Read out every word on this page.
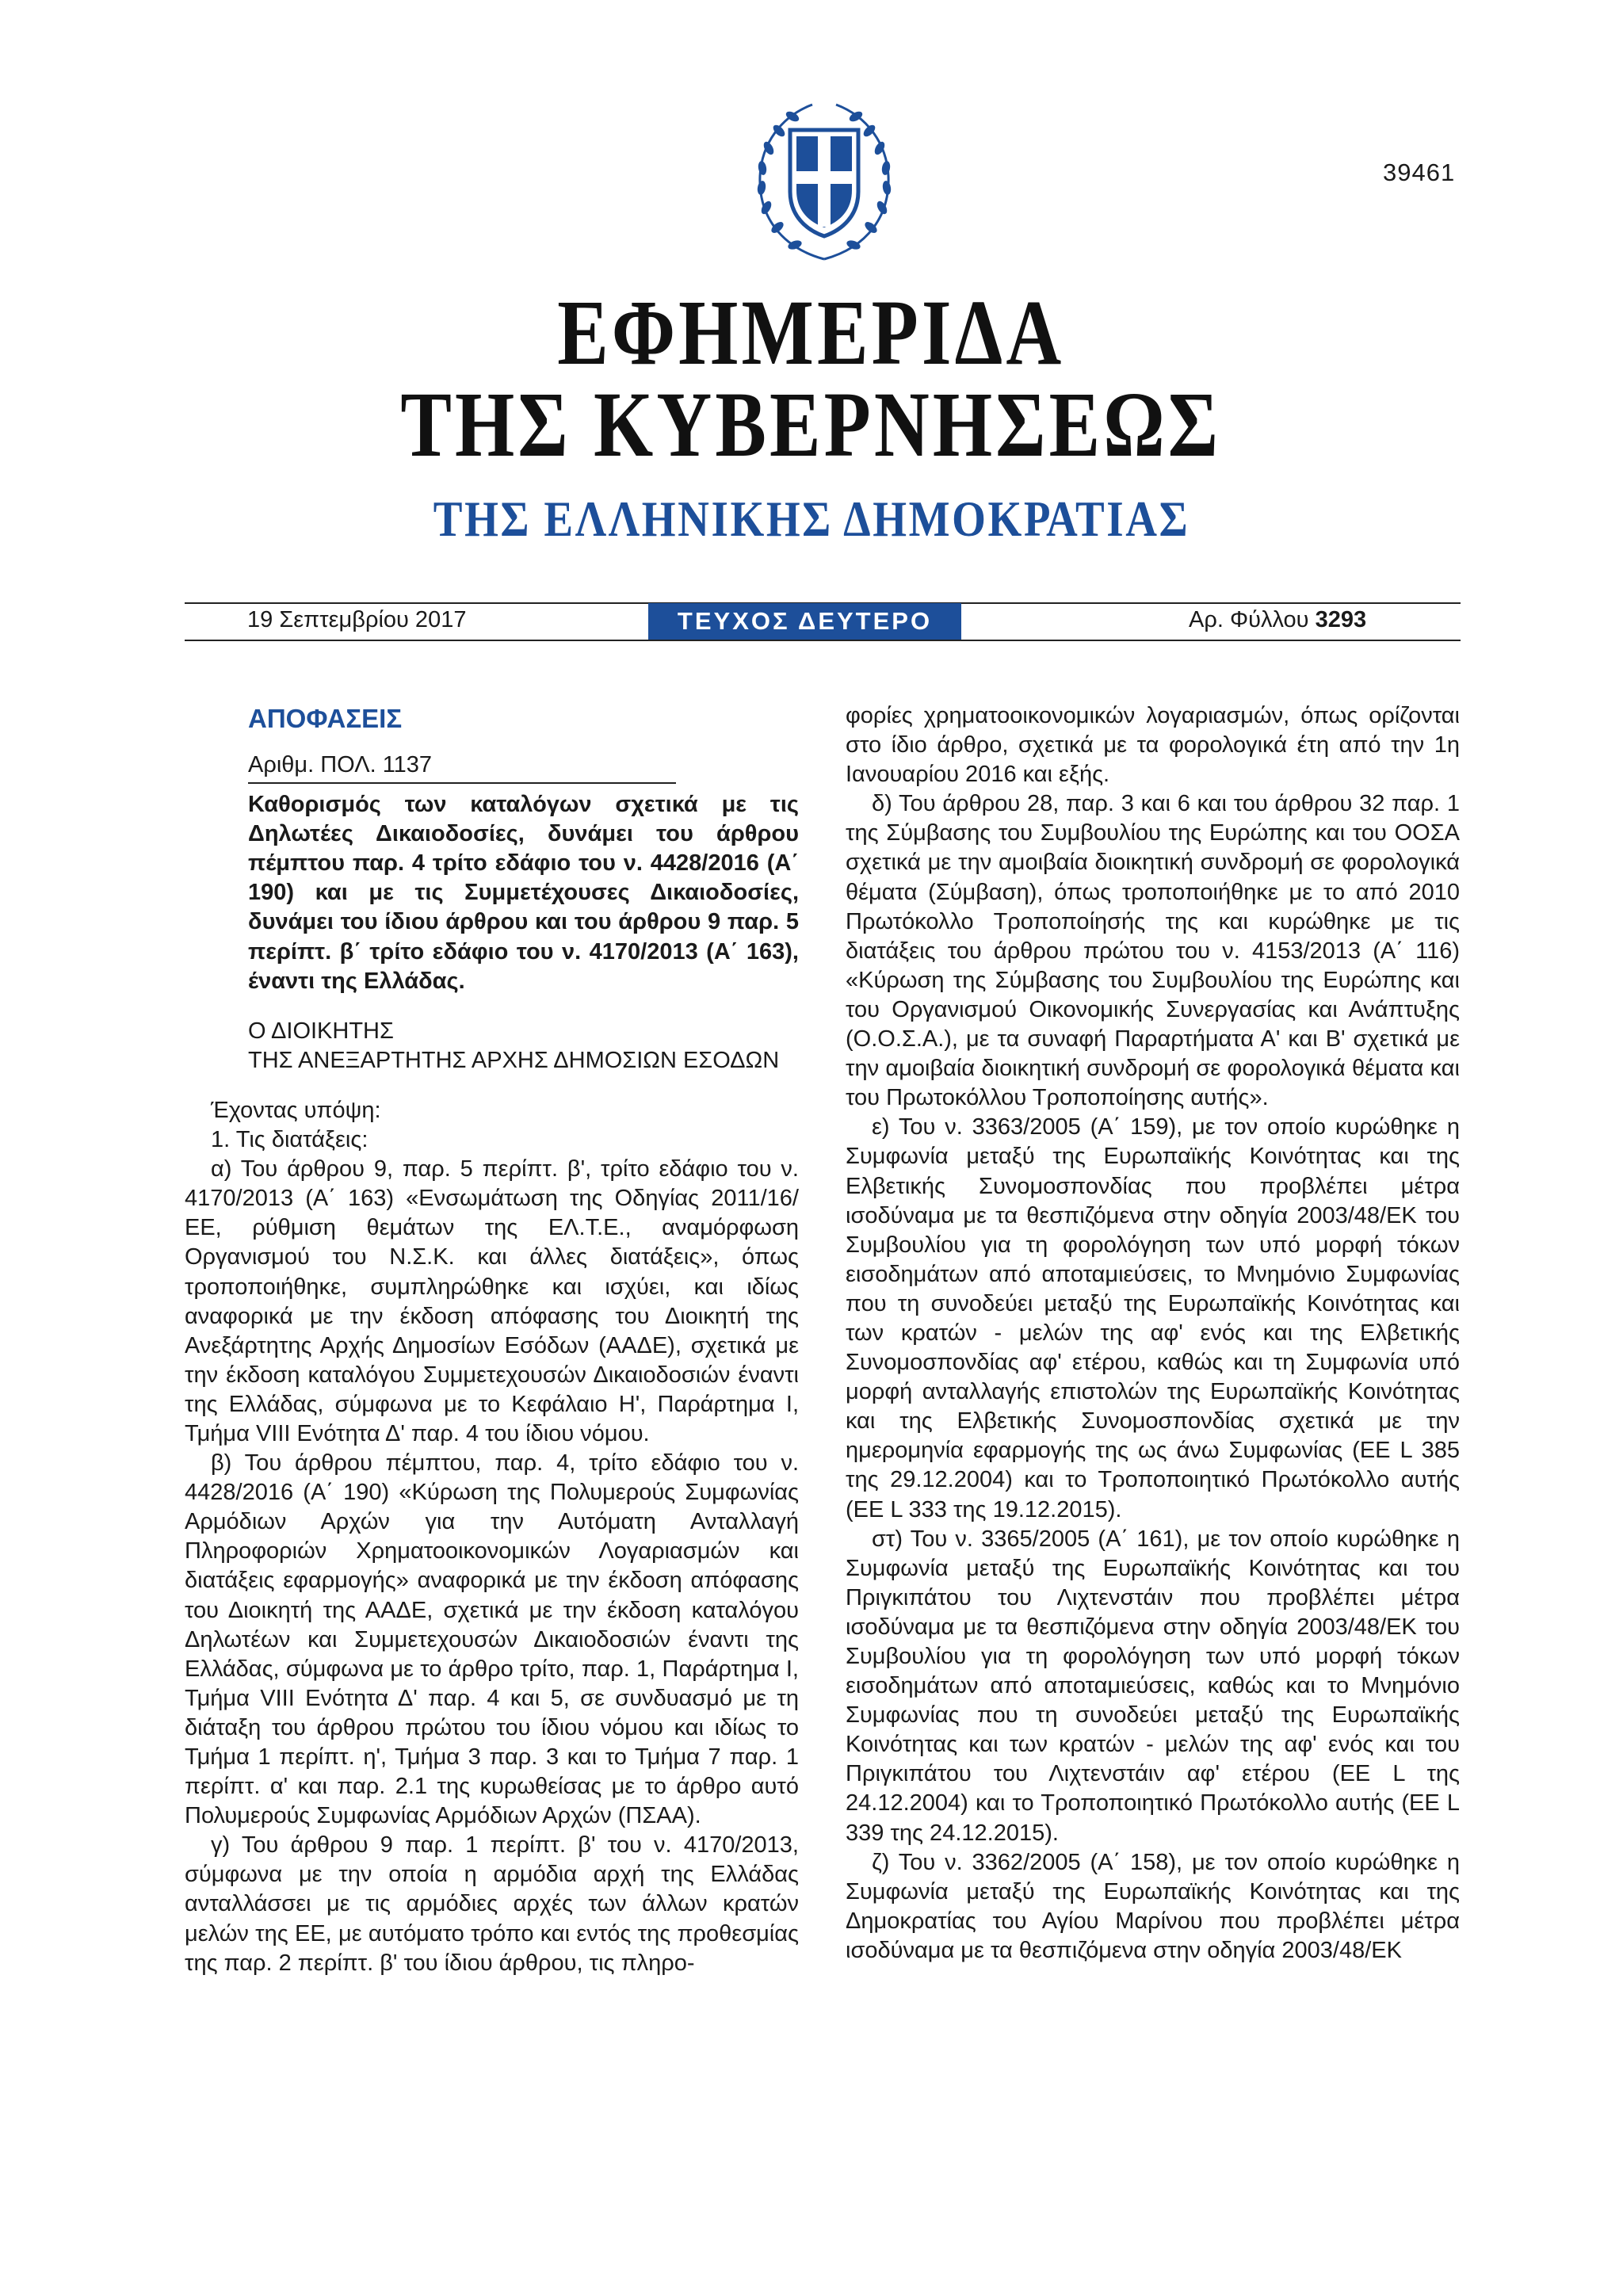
39461
ΕΦΗΜΕΡΙΔΑ
ΤΗΣ ΚΥΒΕΡΝΗΣΕΩΣ
ΤΗΣ ΕΛΛΗΝΙΚΗΣ ΔΗΜΟΚΡΑΤΙΑΣ
19 Σεπτεμβρίου 2017	ΤΕΥΧΟΣ ΔΕΥΤΕΡΟ	Αρ. Φύλλου 3293

ΑΠΟΦΑΣΕΙΣ

Αριθμ. ΠΟΛ. 1137

Καθορισμός των καταλόγων σχετικά με τις Δηλωτέες Δικαιοδοσίες, δυνάμει του άρθρου πέμπτου παρ. 4 τρίτο εδάφιο του ν. 4428/2016 (Α΄ 190) και με τις Συμμετέχουσες Δικαιοδοσίες, δυνάμει του ίδιου άρθρου και του άρθρου 9 παρ. 5 περίπτ. β΄ τρίτο εδάφιο του ν. 4170/2013 (Α΄ 163), έναντι της Ελλάδας.

Ο ΔΙΟΙΚΗΤΗΣ

ΤΗΣ ΑΝΕΞΑΡΤΗΤΗΣ ΑΡΧΗΣ ΔΗΜΟΣΙΩΝ ΕΣΟΔΩΝ

Έχοντας υπόψη:

1. Τις διατάξεις:

α) Του άρθρου 9, παρ. 5 περίπτ. β', τρίτο εδάφιο του ν. 4170/2013 (Α΄ 163) «Ενσωμάτωση της Οδηγίας 2011/16/ΕΕ, ρύθμιση θεμάτων της ΕΛ.Τ.Ε., αναμόρφωση Οργανισμού του Ν.Σ.Κ. και άλλες διατάξεις», όπως τροποποιήθηκε, συμπληρώθηκε και ισχύει, και ιδίως αναφορικά με την έκδοση απόφασης του Διοικητή της Ανεξάρτητης Αρχής Δημοσίων Εσόδων (ΑΑΔΕ), σχετικά με την έκδοση καταλόγου Συμμετεχουσών Δικαιοδοσιών έναντι της Ελλάδας, σύμφωνα με το Κεφάλαιο Η', Παράρτημα Ι, Τμήμα VIII Ενότητα Δ' παρ. 4 του ίδιου νόμου.

β) Του άρθρου πέμπτου, παρ. 4, τρίτο εδάφιο του ν. 4428/2016 (Α΄ 190) «Κύρωση της Πολυμερούς Συμφωνίας Αρμόδιων Αρχών για την Αυτόματη Ανταλλαγή Πληροφοριών Χρηματοοικονομικών Λογαριασμών και διατάξεις εφαρμογής» αναφορικά με την έκδοση απόφασης του Διοικητή της ΑΑΔΕ, σχετικά με την έκδοση καταλόγου Δηλωτέων και Συμμετεχουσών Δικαιοδοσιών έναντι της Ελλάδας, σύμφωνα με το άρθρο τρίτο, παρ. 1, Παράρτημα Ι, Τμήμα VIII Ενότητα Δ' παρ. 4 και 5, σε συνδυασμό με τη διάταξη του άρθρου πρώτου του ίδιου νόμου και ιδίως το Τμήμα 1 περίπτ. η', Τμήμα 3 παρ. 3 και το Τμήμα 7 παρ. 1 περίπτ. α' και παρ. 2.1 της κυρωθείσας με το άρθρο αυτό Πολυμερούς Συμφωνίας Αρμόδιων Αρχών (ΠΣΑΑ).

γ) Του άρθρου 9 παρ. 1 περίπτ. β' του ν. 4170/2013, σύμφωνα με την οποία η αρμόδια αρχή της Ελλάδας ανταλλάσσει με τις αρμόδιες αρχές των άλλων κρατών μελών της ΕΕ, με αυτόματο τρόπο και εντός της προθεσμίας της παρ. 2 περίπτ. β' του ίδιου άρθρου, τις πληρο-

φορίες χρηματοοικονομικών λογαριασμών, όπως ορίζονται στο ίδιο άρθρο, σχετικά με τα φορολογικά έτη από την 1η Ιανουαρίου 2016 και εξής.

δ) Του άρθρου 28, παρ. 3 και 6 και του άρθρου 32 παρ. 1 της Σύμβασης του Συμβουλίου της Ευρώπης και του ΟΟΣΑ σχετικά με την αμοιβαία διοικητική συνδρομή σε φορολογικά θέματα (Σύμβαση), όπως τροποποιήθηκε με το από 2010 Πρωτόκολλο Τροποποίησής της και κυρώθηκε με τις διατάξεις του άρθρου πρώτου του ν. 4153/2013 (Α΄ 116) «Κύρωση της Σύμβασης του Συμβουλίου της Ευρώπης και του Οργανισμού Οικονομικής Συνεργασίας και Ανάπτυξης (Ο.Ο.Σ.Α.), με τα συναφή Παραρτήματα Α' και Β' σχετικά με την αμοιβαία διοικητική συνδρομή σε φορολογικά θέματα και του Πρωτοκόλλου Τροποποίησης αυτής».

ε) Του ν. 3363/2005 (Α΄ 159), με τον οποίο κυρώθηκε η Συμφωνία μεταξύ της Ευρωπαϊκής Κοινότητας και της Ελβετικής Συνομοσπονδίας που προβλέπει μέτρα ισοδύναμα με τα θεσπιζόμενα στην οδηγία 2003/48/ΕΚ του Συμβουλίου για τη φορολόγηση των υπό μορφή τόκων εισοδημάτων από αποταμιεύσεις, το Μνημόνιο Συμφωνίας που τη συνοδεύει μεταξύ της Ευρωπαϊκής Κοινότητας και των κρατών - μελών της αφ' ενός και της Ελβετικής Συνομοσπονδίας αφ' ετέρου, καθώς και τη Συμφωνία υπό μορφή ανταλλαγής επιστολών της Ευρωπαϊκής Κοινότητας και της Ελβετικής Συνομοσπονδίας σχετικά με την ημερομηνία εφαρμογής της ως άνω Συμφωνίας (ΕΕ L 385 της 29.12.2004) και το Τροποποιητικό Πρωτόκολλο αυτής (ΕΕ L 333 της 19.12.2015).

στ) Του ν. 3365/2005 (Α΄ 161), με τον οποίο κυρώθηκε η Συμφωνία μεταξύ της Ευρωπαϊκής Κοινότητας και του Πριγκιπάτου του Λιχτενστάιν που προβλέπει μέτρα ισοδύναμα με τα θεσπιζόμενα στην οδηγία 2003/48/ΕΚ του Συμβουλίου για τη φορολόγηση των υπό μορφή τόκων εισοδημάτων από αποταμιεύσεις, καθώς και το Μνημόνιο Συμφωνίας που τη συνοδεύει μεταξύ της Ευρωπαϊκής Κοινότητας και των κρατών - μελών της αφ' ενός και του Πριγκιπάτου του Λιχτενστάιν αφ' ετέρου (ΕΕ L της 24.12.2004) και το Τροποποιητικό Πρωτόκολλο αυτής (ΕΕ L 339 της 24.12.2015).

ζ) Του ν. 3362/2005 (Α΄ 158), με τον οποίο κυρώθηκε η Συμφωνία μεταξύ της Ευρωπαϊκής Κοινότητας και της Δημοκρατίας του Αγίου Μαρίνου που προβλέπει μέτρα ισοδύναμα με τα θεσπιζόμενα στην οδηγία 2003/48/ΕΚ
